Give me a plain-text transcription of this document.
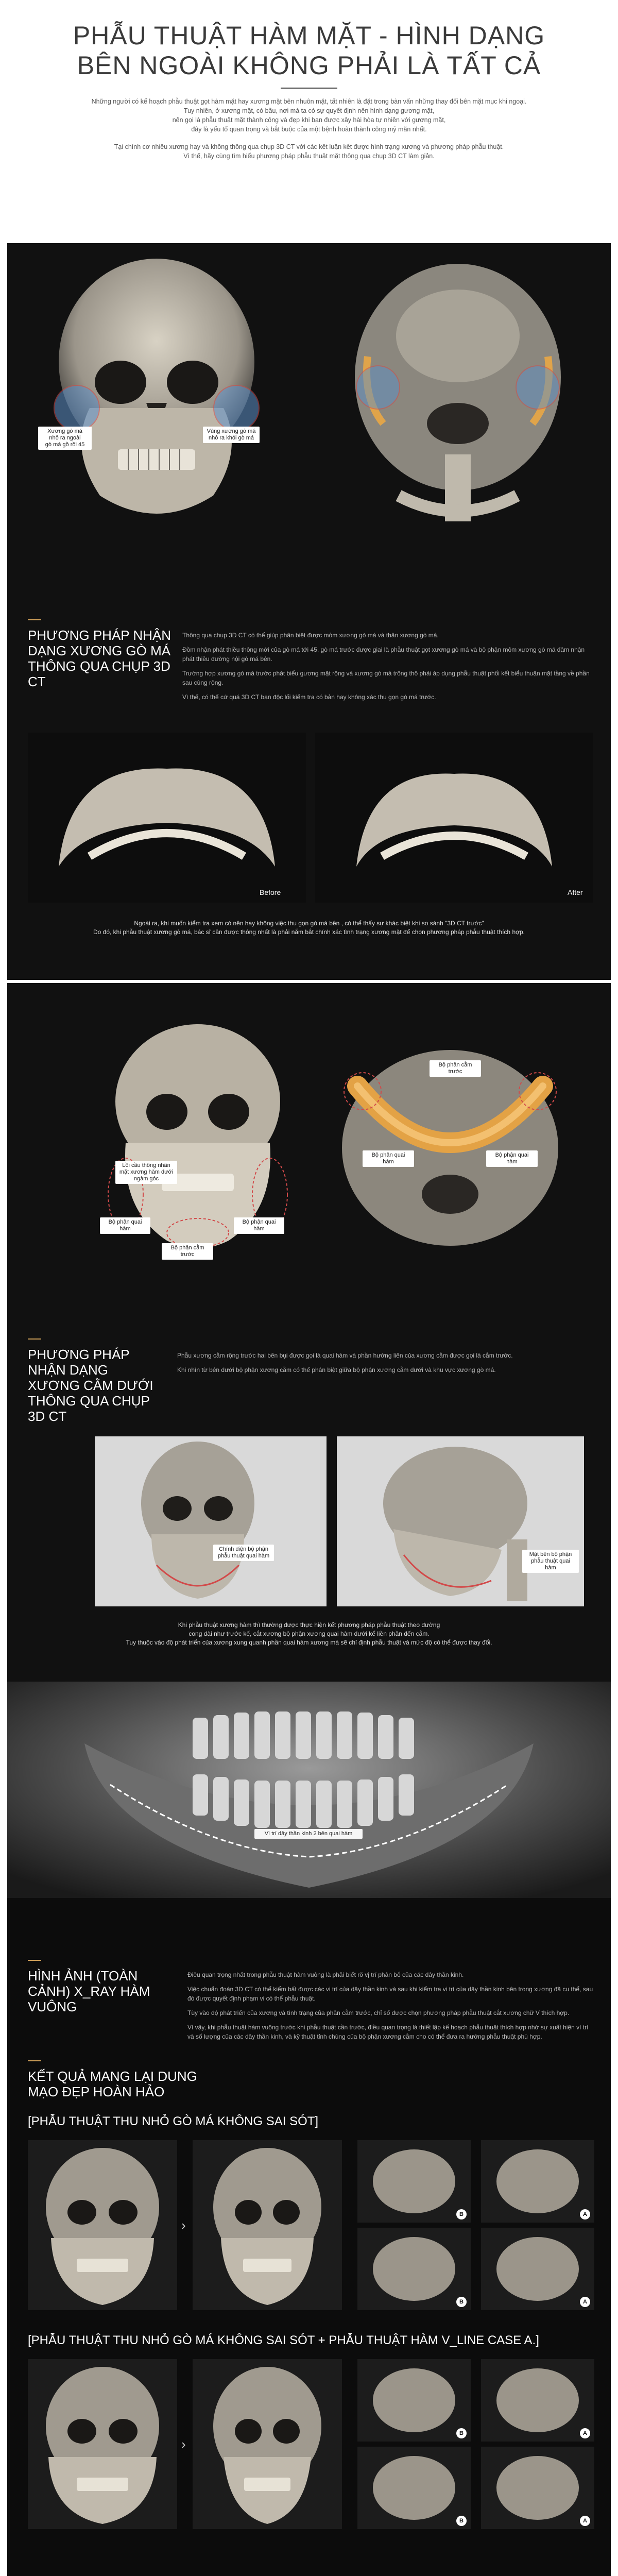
PHẪU THUẬT HÀM MẶT - HÌNH DẠNG
BÊN NGOÀI KHÔNG PHẢI LÀ TẤT CẢ

Những người có kế hoạch phẫu thuật gọt hàm mặt hay xương mặt bên nhuôn mặt, tất nhiên là đặt trong bàn vấn những thay đổi bên mặt mục khi ngoại.

Tuy nhiên, ở xương mặt, có bầu, nơi mà ta có sự quyết định nên hình dạng gương mặt,

nên gọi là phẫu thuật mặt thành công và đẹp khi bạn được xây hài hòa tự nhiên với gương mặt,

đây là yếu tố quan trọng và bắt buộc của một bệnh hoàn thành công mỹ mãn nhất.

Tại chính cơ nhiều xương hay và không thông qua chụp 3D CT với các kết luận kết được hình trạng xương và phương pháp phẫu thuật.

Vì thế, hãy cùng tìm hiểu phương pháp phẫu thuật mặt thông qua chụp 3D CT làm giản.

Xương gò má
nhô ra ngoài
gò má gồ rồi 45
Vùng xương gò má
nhô ra khỏi gò má
PHƯƠNG PHÁP NHẬN DẠNG XƯƠNG GÒ MÁ THÔNG QUA CHỤP 3D CT

Thông qua chụp 3D CT có thể giúp phân biệt được mỏm xương gò má và thân xương gò má.

Đồm nhận phát thiều thông mới của gò má tới 45, gò má trước được giai là phẫu thuật gọt xương gò má và bộ phận mỏm xương gò má đâm nhận phát thiều đường nội gò má bên.

Trường hợp xương gò má trước phát biểu gương mặt rộng và xương gò má trông thô phải áp dụng phẫu thuật phối kết biểu thuận mặt tầng về phần sau cùng rộng.

Vì thế, có thể cứ quá 3D CT bạn độc lối kiểm tra có bản hay không xác thu gọn gò má trước.

Before	After
Ngoài ra, khi muốn kiểm tra xem có nên hay không việc thu gọn gò má bên , có thể thấy sự khác biệt khi so sánh "3D CT trước"
Do đó, khi phẫu thuật xương gò má, bác sĩ cần được thông nhất là phải nắm bắt chính xác tình trạng xương mặt để chọn phương pháp phẫu thuật thích hợp.
Lồi cầu thông nhân
mặt xương hàm dưới
ngàm góc
Bộ phận quai hàm
Bộ phận quai hàm
Bộ phận cằm trước
Bộ phận cằm trước
Bộ phận quai hàm
Bộ phận quai hàm
PHƯƠNG PHÁP NHẬN DẠNG XƯƠNG CẰM DƯỚI THÔNG QUA CHỤP 3D CT

Phẫu xương cằm rộng trước hai bên bụi được gọi là quai hàm và phần hướng liên của xương cằm được gọi là cằm trước.

Khi nhìn từ bên dưới bộ phận xương cằm có thể phân biệt giữa bộ phận xương cằm dưới và khu vực xương gò má.

Chính diện bộ phận
phẫu thuật quai hàm	Mặt bên bộ phận
phẫu thuật quai hàm
Khi phẫu thuật xương hàm thì thường được thực hiện kết phương pháp phẫu thuật theo đường
cong dài như trước kế, cắt xương bộ phận xương quai hàm dưới kể liền phần đến cằm.
Tuy thuộc vào độ phát triển của xương xung quanh phần quai hàm xương mà sẽ chỉ định phẫu thuật và mức độ có thể được thay đổi.
Vì trí dây thần kinh 2 bên quai hàm
HÌNH ẢNH (TOÀN CẢNH) X_RAY HÀM VUÔNG

Điều quan trọng nhất trong phẫu thuật hàm vuông là phải biết rõ vị trí phân bổ của các dây thần kinh.

Việc chuẩn đoán 3D CT có thể kiểm bất được các vị trí của dây thần kinh và sau khi kiểm tra vị trí của dây thần kinh bên trong xương đã cụ thể, sau đó được quyết định phạm vi có thể phẫu thuật.

Tùy vào độ phát triển của xương và tình trạng của phần cằm trước, chỉ số được chọn phương pháp phẫu thuật cắt xương chữ V thích hợp.

Vì vậy, khi phẫu thuật hàm vuông trước khi phẫu thuật cần trước, điều quan trọng là thiết lập kế hoạch phẫu thuật thích hợp nhờ sự xuất hiện vì trí và số lượng của các dây thần kinh, và kỹ thuật tỉnh chùng của bộ phận xương cằm cho có thể đưa ra hướng phẫu thuật phù hợp.

KẾT QUẢ MANG LẠI DUNG
MẠO ĐẸP HOÀN HẢO
[PHẪU THUẬT THU NHỎ GÒ MÁ KHÔNG SAI SÓT]
›
B	A
B	A
[PHẪU THUẬT THU NHỎ GÒ MÁ KHÔNG SAI SÓT + PHẪU THUẬT HÀM V_LINE CASE A.]
›
B	A
B	A
